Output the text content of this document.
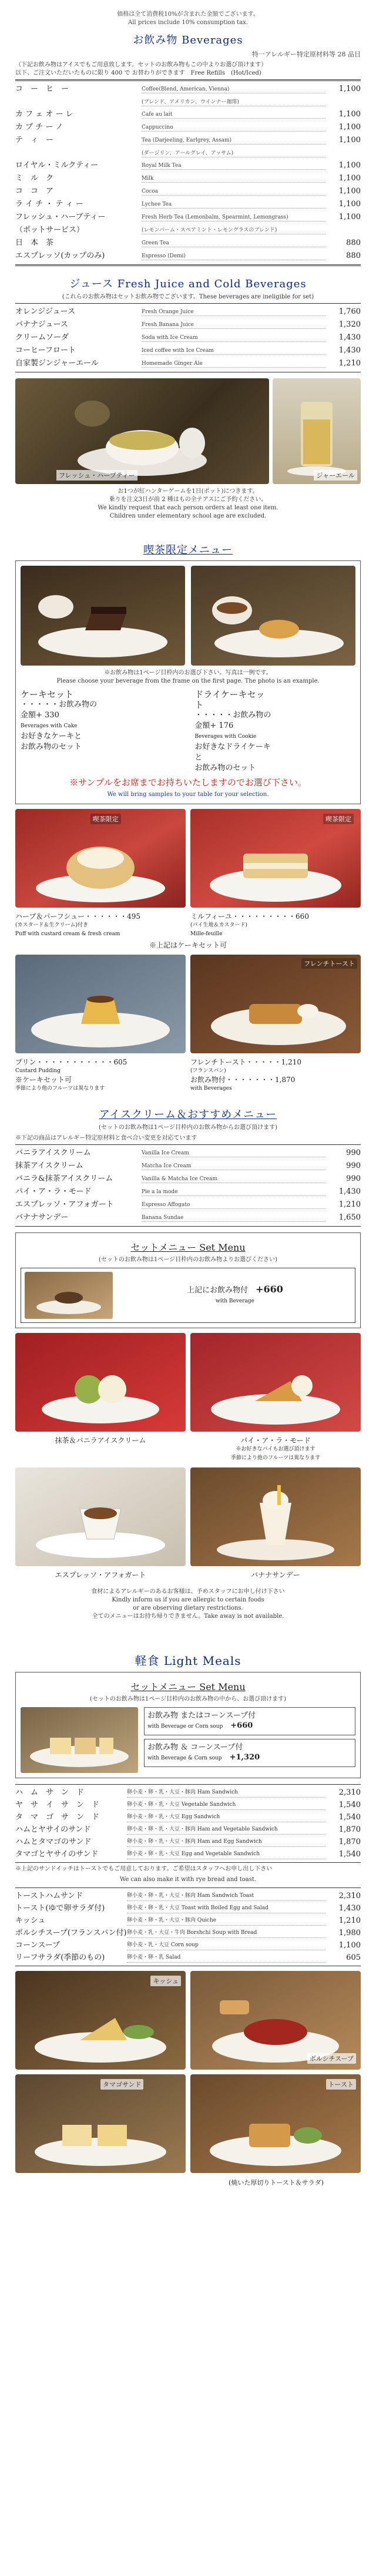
価格は全て消費税10%が含まれた金額でございます。
All prices include 10% consumption tax.
お飲み物 Beverages
特一アレルギー特定原材料等 28 品目
（下記お飲み物はアイスでもご用意致します。セットのお飲み物もこの中よりお選び頂けます）
以下、ご注文いただいたものに限り 400 で お替わりができます　Free Refills　(Hot/Iced)
コ　ー　ヒ　ー	Coffee(Blend, American, Vienna)	1,100
(ブレンド、アメリカン、ウインナー珈琲)
カ フ ェ オ ー レ	Cafe au lait	1,100
カ プ チ ー ノ	Cappuccino	1,100
テ　ィ　ー	Tea (Darjeeling, Earlgrey, Assam)	1,100
(ダージリン、アールグレイ、アッサム)
ロイヤル・ミルクティー	Royal Milk Tea	1,100
ミ　ル　ク	Milk	1,100
コ　コ　ア	Cocoa	1,100
ラ イ チ ・ テ ィ ー	Lychee Tea	1,100
フレッシュ・ハーブティー	Fresh Herb Tea (Lemonbalm, Spearmint, Lemongrass)	1,100
（ポットサービス）	(レモンバーム・スペアミント・レモングラスのブレンド)
日　本　茶	Green Tea	880
エスプレッソ(カップのみ)	Espresso (Demi)	880
ジュース Fresh Juice and Cold Beverages
(これらのお飲み物はセットお飲み物でございます。These beverages are ineligible for set)
オレンジジュース	Fresh Orange Juice	1,760
バナナジュース	Fresh Banana Juice	1,320
クリームソーダ	Soda with Ice Cream	1,430
コーヒーフロート	Iced coffee with Ice Cream	1,430
自家製ジンジャーエール	Homemade Ginger Ale	1,210
フレッシュ・ハーブティー	ジャーエール
お1つが紅ハンターゲームを1日(ポット)につきます。
乗りを注文3日が前 2 種はもの全テアスにご予約ください。
We kindly request that each person orders at least one item.
Children under elementary school age are excluded.
喫茶限定メニュー
※お飲み物は1ページ目枠内のお選び下さい。写真は一例です。
Please choose your beverage from the frame on the first page. The photo is an example.
ケーキセット
・・・・・お飲み物の金額+ 330
Beverages with Cake
お好きなケーキと
お飲み物のセット
ドライケーキセット
・・・・・お飲み物の金額+ 176
Beverages with Cookie
お好きなドライケーキと
お飲み物のセット
※サンプルをお席までお持ちいたしますのでお選び下さい。
We will bring samples to your table for your selection.
喫茶限定	喫茶限定
ハーブ＆パーフシュー・・・・・・495
(カスタード＆生クリーム)付き
Puff with custard cream & fresh cream
ミルフィーユ・・・・・・・・・660
(パイ生地＆カスタード)
Mille-feuille
※上記はケーキセット可
フレンチトースト
プリン・・・・・・・・・・・605
Custard Pudding
※ケーキセット可
季節により他のフルーツは異なります
フレンチトースト・・・・・1,210
(フランスパン)
お飲み物付・・・・・・・1,870
with Beverages
アイスクリーム＆おすすめメニュー
(セットのお飲み物は1ページ目枠内のお飲み物からお選び頂けます)
※下記の商品はアレルギー特定原材料と食べ合い変更を対応ています
バニラアイスクリーム	Vanilla Ice Cream	990
抹茶アイスクリーム	Matcha Ice Cream	990
バニラ&抹茶アイスクリーム	Vanilla & Matcha Ice Cream	990
パイ・ア・ラ・モード	Pie a la mode	1,430
エスプレッソ・アフォガート	Espresso Affogato	1,210
バナナサンデー	Banana Sundae	1,650
セットメニュー Set Menu
(セットのお飲み物は1ページ目枠内のお飲み物よりお選びください)
上記にお飲み物付　 +660
with Beverage
抹茶＆バニラアイスクリーム	パイ・ア・ラ・モード
※お好きなパイもお選び頂けます
季節により他のフルーツは異なります
エスプレッソ・アフォガート	バナナサンデー
食材によるアレルギーのあるお客様は、予めスタッフにお申し付け下さい
Kindly inform us if you are allergic to certain foods
or are observing dietary restrictions.
全てのメニューはお持ち帰りできません。Take away is not available.
軽食 Light Meals
セットメニュー Set Menu
(セットのお飲み物は1ページ目枠内のお飲み物の中から、お選び頂けます)
お飲み物 またはコーンスープ付
with Beverage or Corn soup　 +660
お飲み物 ＆ コーンスープ付
with Beverage & Corn soup　 +1,320
ハ　ム　サ　ン　ド	卵小麦・卵・乳・大豆・豚肉 Ham Sandwich	2,310
ヤ　サ　イ　サ　ン　ド	卵小麦・卵・乳・大豆 Vegetable Sandwich	1,540
タ　マ　ゴ　サ　ン　ド	卵小麦・卵・乳・大豆 Egg Sandwich	1,540
ハムとヤサイのサンド	卵小麦・卵・乳・大豆・豚肉 Ham and Vegetable Sandwich	1,870
ハムとタマゴのサンド	卵小麦・卵・乳・大豆・豚肉 Ham and Egg Sandwich	1,870
タマゴとヤサイのサンド	卵小麦・卵・乳・大豆 Egg and Vegetable Sandwich	1,540
※上記のサンドイッチはトーストでもご用意しております。ご希望はスタッフへお申し出し下さい
We can also make it with rye bread and toast.
トーストハムサンド	卵小麦・卵・乳・大豆・豚肉 Ham Sandwich Toast	2,310
トースト(ゆで卵サラダ付)	卵小麦・卵・乳・大豆 Toast with Boiled Egg and Salad	1,430
キッシュ	卵小麦・卵・乳・大豆・豚肉 Quiche	1,210
ボルシチスープ(フランスパン付) 卵小麦・乳・大豆・牛肉 Borshchi Soup with Bread	1,980
コーンスープ	卵小麦・乳・大豆 Corn soup	1,100
リーフサラダ(季節のもの)	卵小麦・卵・乳 Salad	605
キッシュ
ボルシチスープ
タマゴサンド	トースト
(焼いた厚切りトースト＆サラダ)
